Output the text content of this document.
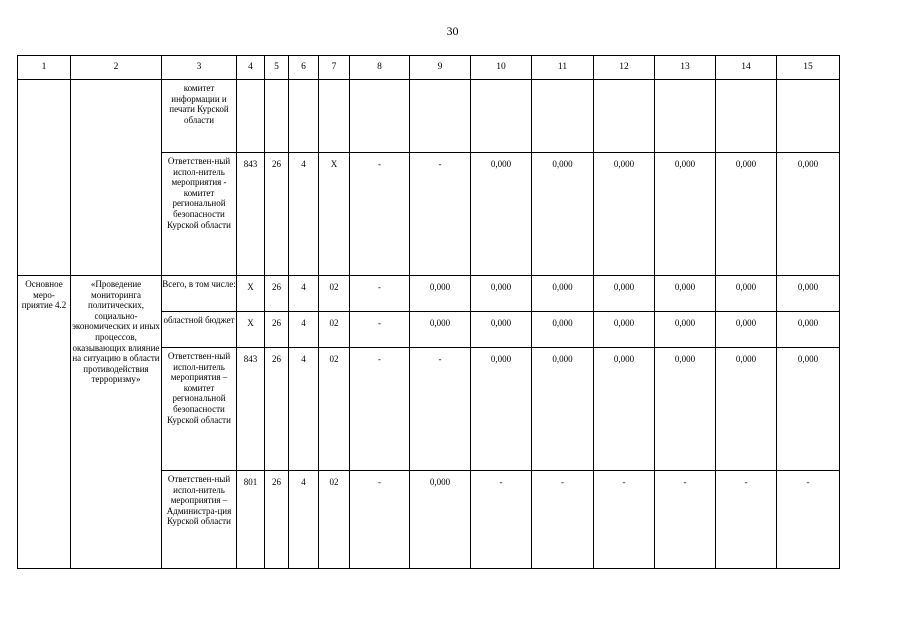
30
1	2	3	4	5	6	7	8	9	10	11	12	13	14	15
		комитет информации и печати Курской области												
		Ответствен-ный испол-нитель мероприятия - комитет региональной безопасности Курской области	843	26	4	Х	-	-	0,000	0,000	0,000	0,000	0,000	0,000
Основное меро-приятие 4.2	«Проведение мониторинга политических, социально-экономических и иных процессов, оказывающих влияние на ситуацию в области противодействия терроризму»	Всего, в том числе:	Х	26	4	02	-	0,000	0,000	0,000	0,000	0,000	0,000	0,000
		областной бюджет	Х	26	4	02	-	0,000	0,000	0,000	0,000	0,000	0,000	0,000
		Ответствен-ный испол-нитель мероприятия – комитет региональной безопасности Курской области	843	26	4	02	-	-	0,000	0,000	0,000	0,000	0,000	0,000
		Ответствен-ный испол-нитель мероприятия – Администра-ция Курской области	801	26	4	02	-	0,000	-	-	-	-	-	-
